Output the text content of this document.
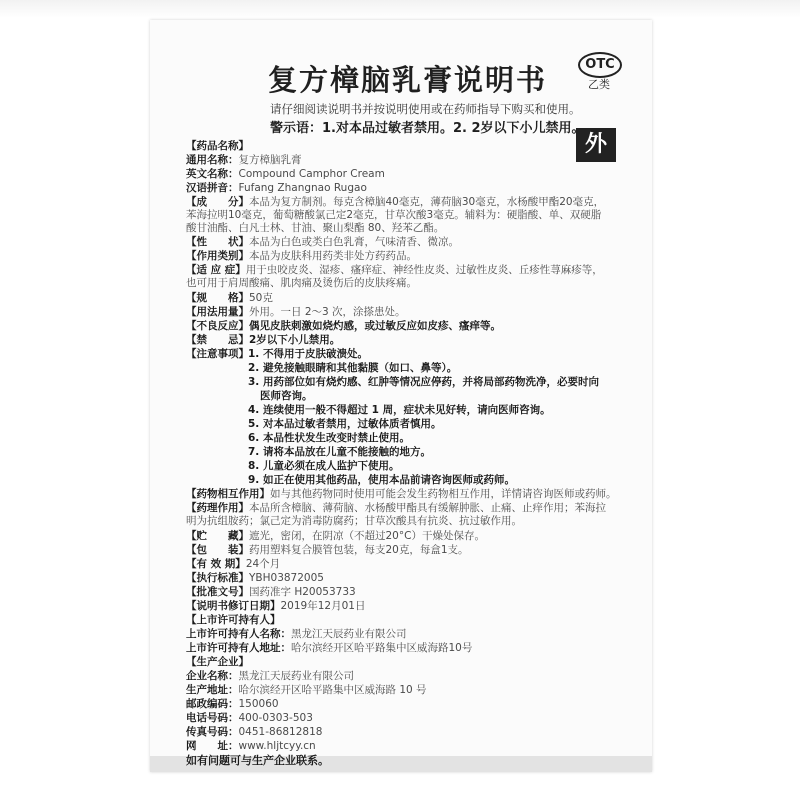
复方樟脑乳膏说明书	OTC
乙类
外
请仔细阅读说明书并按说明使用或在药师指导下购买和使用。
警示语：1.对本品过敏者禁用。2. 2岁以下小儿禁用。
【药品名称】
通用名称：复方樟脑乳膏
英文名称：Compound Camphor Cream
汉语拼音：Fufang Zhangnao Rugao
【成　　分】本品为复方制剂。每克含樟脑40毫克，薄荷脑30毫克，水杨酸甲酯20毫克，苯海拉明10毫克，葡萄糖酸氯己定2毫克，甘草次酸3毫克。辅料为：硬脂酸、单、双硬脂酸甘油酯、白凡士林、甘油、聚山梨酯 80、羟苯乙酯。
【性　　状】本品为白色或类白色乳膏，气味清香、微凉。
【作用类别】本品为皮肤科用药类非处方药药品。
【适 应 症】用于虫咬皮炎、湿疹、瘙痒症、神经性皮炎、过敏性皮炎、丘疹性荨麻疹等，也可用于肩周酸痛、肌肉痛及烫伤后的皮肤疼痛。
【规　　格】50克
【用法用量】外用。一日 2～3 次，涂搽患处。
【不良反应】偶见皮肤刺激如烧灼感，或过敏反应如皮疹、瘙痒等。
【禁　　忌】2岁以下小儿禁用。
【注意事项】 1. 不得用于皮肤破溃处。
2. 避免接触眼睛和其他黏膜（如口、鼻等）。
3. 用药部位如有烧灼感、红肿等情况应停药，并将局部药物洗净，必要时向
医师咨询。
4. 连续使用一般不得超过 1 周，症状未见好转，请向医师咨询。
5. 对本品过敏者禁用，过敏体质者慎用。
6. 本品性状发生改变时禁止使用。
7. 请将本品放在儿童不能接触的地方。
8. 儿童必须在成人监护下使用。
9. 如正在使用其他药品，使用本品前请咨询医师或药师。
【药物相互作用】如与其他药物同时使用可能会发生药物相互作用，详情请咨询医师或药师。
【药理作用】本品所含樟脑、薄荷脑、水杨酸甲酯具有缓解肿胀、止痛、止痒作用；苯海拉明为抗组胺药；氯己定为消毒防腐药；甘草次酸具有抗炎、抗过敏作用。
【贮　　藏】遮光，密闭，在阴凉（不超过20°C）干燥处保存。
【包　　装】药用塑料复合膜管包装，每支20克，每盒1支。
【有 效 期】24个月
【执行标准】YBH03872005
【批准文号】国药准字 H20053733
【说明书修订日期】2019年12月01日
【上市许可持有人】
上市许可持有人名称：黑龙江天辰药业有限公司
上市许可持有人地址：哈尔滨经开区哈平路集中区威海路10号
【生产企业】
企业名称：黑龙江天辰药业有限公司
生产地址：哈尔滨经开区哈平路集中区威海路 10 号
邮政编码：150060
电话号码：400-0303-503
传真号码：0451-86812818
网　　址：www.hljtcyy.cn
如有问题可与生产企业联系。
